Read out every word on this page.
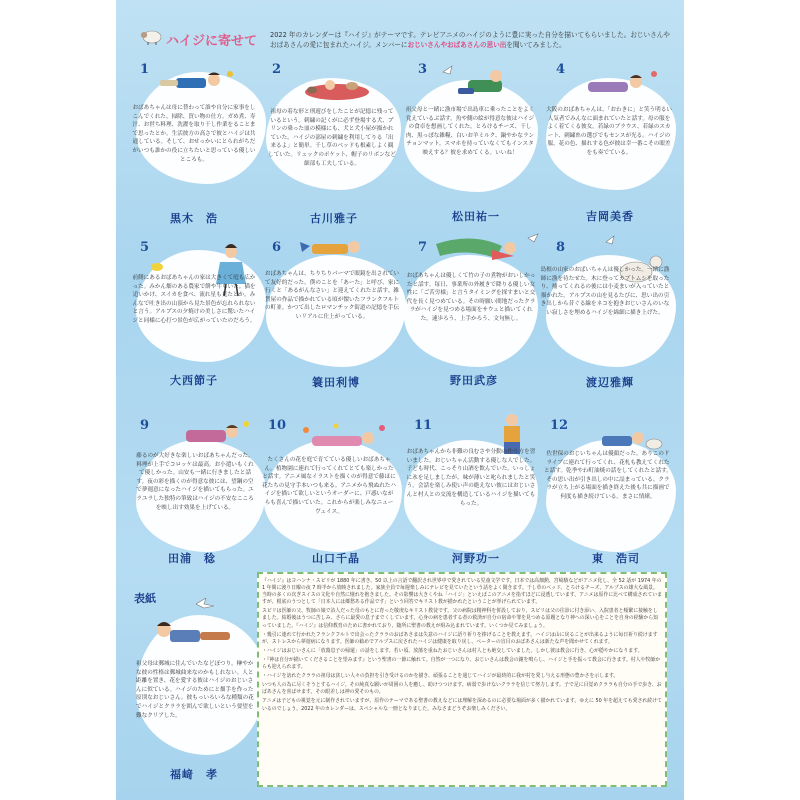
ハイジに寄せて 2022 年のカレンダーは『ハイジ』がテーマです。テレビアニメのハイジのように豊に実った自分を描いてもらいました。おじいさんやおばあさんの愛に包まれたハイジ。メンバーにおじいさんやおばあさんの思い出を聞いてみました。
1
おばあちゃんは母に替わって誰や自分に家事をしこんでくれた。掃除、買い物の仕方。ガめ煮、寿汁、お世ち料理、洗濯を取り干し作業をることまで思ったとか。生活彼方の高さで彼とハイジは共通している。そして、おせっかいにとられがちだがいつも誰かの役に立ちたいと思っている優しいところも。
黒木　浩
2
祖母の着な形と刑遊びをしたことが記憶に残っているという。刺繍の記くがに必ず登場する犬、プリンの乗った皿の模様にも、犬と犬小屋が描かれていた。ハイジの部屋の刺繍を利用してりる「出来るよ」と簡単。千し草のベッドも根素しよく観していた。リュックのポケット、帽子のリボンなど細部も工夫している。
古川雅子
3
祖父母と一緒に漁市場で出島車に乗ったことをよく覚えているぶ話す。魚や側の絵が得意な彼はハイジの食卓を想画してくれた。とろけるチーズ、干し肉、黒っぽな雑糧、白いお羊ミルク、鍋やかなランチョンマット。スマホを持っていなくてもインスタ映えする？彼を求めてくる。いいね！
松田祐一
4
大阪のおばあちゃんは、「おわきに」と笑う明るい人気者でみんなに面まれていたと話す。母の服をよく着てくる彼女。若緑のブラウス、若緑のスカート、刺繍糸の選びでもセンスが光る。ハイジの服、花の色、描れする色が彼は幸一番こその眼差をも奏でている。
吉岡美香
5
前側にあるおばあちゃんの家は大きくて庭も広かった。みかん畑のある農家で餅や牛もいた。猫を追いかけ、スイカを食べ、流れ星も見たとか。みんなで吐き出の山頂から見た景色が忘れられないと言う。アルプスの夕焼けの美しさに驚いたハイジと同様に心打つ景色が広がっていたのだろう。
大西節子
6
おばあちゃんは、ちりちりパーマで眼鏡を出されていて友好的だった。僕のことを「あーた」と呼び、家に行くと「あるがんなさい」と迎えてくれたと話す。雑貨屋の作品で描かれている頃が懐いたフランクフルトの町並。かつて出したロマンチック街道の記憶を手伝いリアルに仕上がっている。
簑田利博
7
おばあちゃんは優しくて竹の子の煮物がおいしかったと話す。毎日、事業所の外履きで降りる優しい女性に「ご苦労様」と言うタイミングを探すまいと交代を長く見つめている。その時願い間地だったクララがハイジを見つめる場面をサウェと描いてくれた。速歩ろう、上手かろう、文句無し。
野田武彦
8
島根の山家のおばいちゃんは優しかった。一緒に漁師に漁を待たせた。木に登ってカブトムシを取ったり、捕ってくれるの後には小麦まいが入っていたと描かれた。アルプスの山を見るたびに、思い出の引き出しから昔ぐる線をネコを抱きおじいさんのいない寂しさを埋めるハイジを綿細に描き上げた。
渡辺雅輝
9
藤るのが大好きな楽しいおばあちゃんだった。料理が上手でコロッケは最高。お小遣いもくれて優しかった。山安も一緒に行きましたと話す。夜の彩を描くのが得意な彼には、望鋼の空で夢週意になったハイジを描いてもらった。ユラユラした独特の筆致はハイジの不安なこころを映し出す効果を上げている。
田浦　稔
10
たくさんの花を庭で育てている優しいおばあちゃん。植物園に連れて行ってくれてとても楽しかったと話す。アニメ風なイラストを描くのが得意で藤ほに花たちの見守手本いつも来る。アニメから飛ぬれたハイジを描いて欲しいというオーダーに、戸惑いながらも喜んで描いていた。これからが楽しみなニューヴェイス。
山口千晶
11
おばあちゃんから非難の良むさや分動の作り方を習いました。おじいちゃん活動する優しな人でした。子ども時代、こっそり山酒を飲んでいた。いっしょに氷を足しましたが、味が薄いと叱られましたと笑う。会話を楽しみ使い声の絶えない彼にはおじいさんと村人との交流を構造しているハイジを描いてもらった。
河野功一
12
佐世保のおじいちゃんは優顔だった。ありこのドライブに連れて行ってくれ、花札も教えてくれたと話す。乾季やわ町油焼の話をしてくれたと話す。その思い出が引き出しの中に詰まっている。クララが立ち上がる場面を描き終えた後も共に描画で何度も描き続けている。まさに情緒。
東　浩司
表紙
祖父母は郵城に住んでいたなどぼつり。榊やかな彼の性格は郵城曲来なのかもしれない。人と距離を置き、花を愛する彼はハイジのおじいさんに似ている。ハイジのためにと畑手を作った原別なおじいさん。彼もっいろいろな種類の花でハイジとクララを囲んで欲しいという要望を難なクリアした。
福﨑　孝

『ハイジ』はヨハンナ・スピリが 1880 年に書き、50 以上の言語で翻訳され世界中で愛されている児童文学です。日本では高畑勲、宮崎駿などがアニメ化し、全 52 話が 1974 年の 1 年間に渡り日曜の夜 7 時半から放映されました。家族全員で毎週楽しみにテレビを見ていたという話をよく聞きます。干し草のベッド、とろけるチーズ、アルプスの雄大な風景。当時の多くの次ぎスイスの文化や自然に憧れを抱きました。その影響は大きくやね「ハイジ」といえばこのアニメを指すほどに浸透しています。アニメは原作に比べて構成されていますが、根底のうつとして「日本人には郷愁ある作品です」という回答でキリスト教が描かれたということが挙げられています。

スピリは医師の父、牧師の娘で詩人だった母のもとに育った敬虔なキリスト教徒です。父の病院は精神科を併設しており、スピリは父の往診に付き添い、入院患者と頻繁に接触をしました。結婚後はうつに苦しみ、さらに最愛の息子までくしています。心身の病を患者する者の救済が自分の宿命や罪を見つめる原題となり神への深い心をことを自身の経験から知っていました。『ハイジ』は信仰教育のために書かれており、随所に聖書の教えが組み込まれています。いくつか見てみましょう。

・幾引に連れて行かれたフランクフルトで出会ったクララのおばあさまは失意のハイジに語り祈りを捧げることを教えます。ハイジは山に戻ることが出来るように毎日祈り続けますが、ストレスから夢遊病になります。医師の勧めでアルプスに戻されたハイジは健康を取り戻し、ペーターの盲目のおばあさんは新たな声を聞かせてくれます。

・ハイジはおじいさんに「放蕩息子の帰還」の話をします。若い頃、放蕩を重ねたおじいさんは村人とも絶交していました。しかし彼は教会に行き、心が穏やかになります。

・『神は自分が描いてくださることを望みます』という聖書の一節に触れて。自然が一つになり、おじいさんは教会の鐘を鳴らし、ハイジと手を振って教会に行きます。村人や牧師からも迎えられます。

・ハイジを訪れたクララの祖母は貧しい人々の負担を引き受けるのかを描き、頑張ることを通じてハイジが最終的に我が村を愛し与える形態の豊かさを示します。

いつも人の為に尽くそうとするハイジ。その純真な願いが周囲の人を癒し、助けつつけます。病弱で歩けないクララを信じて努力します。子で足に目覚めクララも自分の手で歩き、おばあさんを喜ばせます。その眼差しは神の愛そのもの。

アニメは子どもの視覚を元に制作されていますが、原作のテーマである聖書の教えなどには理解を深めるのに必要な場面が多く描かれています。ゆえに 50 年を超えても愛され続けているのでしょう。2022 年のカレンダーは、スペシャルな一冊となりました。みなさまどうぞお楽しみください。
